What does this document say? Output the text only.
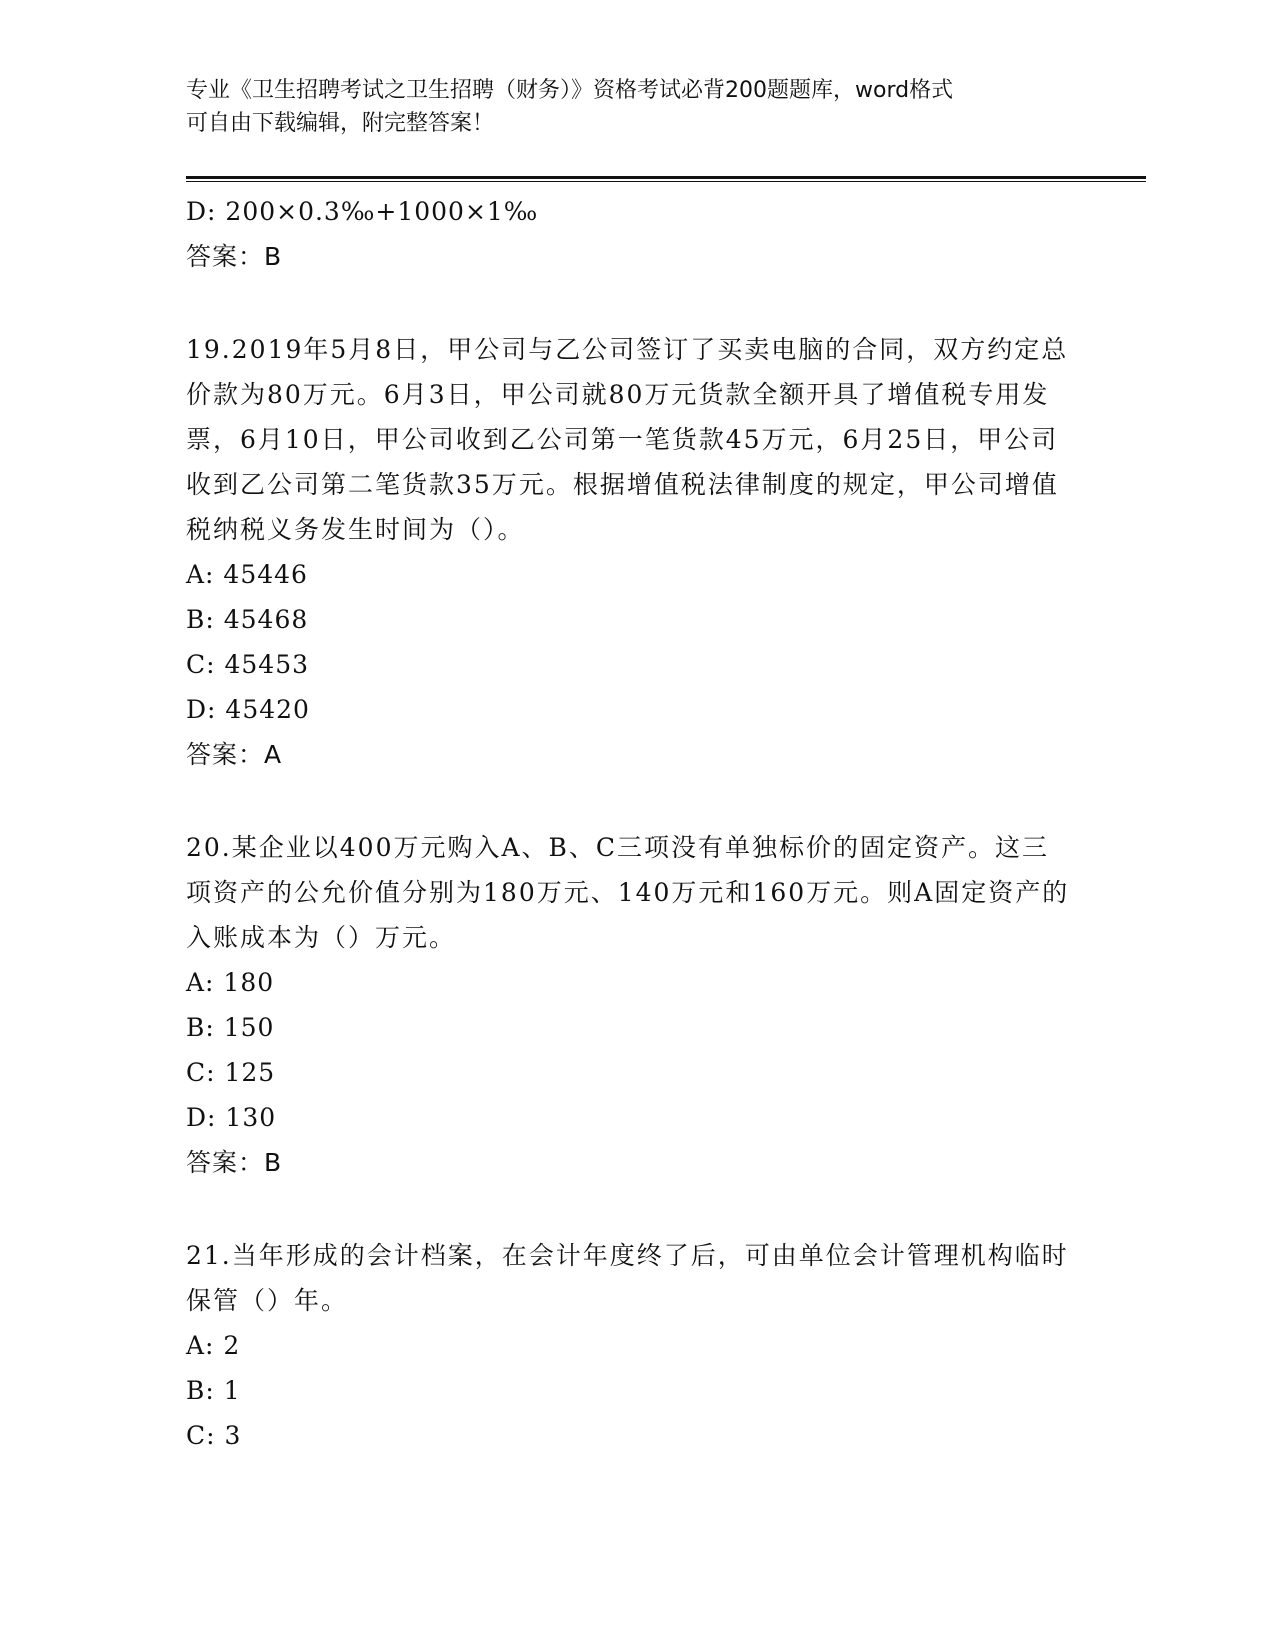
专业《卫生招聘考试之卫生招聘（财务）》资格考试必背200题题库，word格式
可自由下载编辑，附完整答案！
D: 200×0.3‰+1000×1‰
答案：B
19.2019年5月8日，甲公司与乙公司签订了买卖电脑的合同，双方约定总价款为80万元。6月3日，甲公司就80万元货款全额开具了增值税专用发票，6月10日，甲公司收到乙公司第一笔货款45万元，6月25日，甲公司收到乙公司第二笔货款35万元。根据增值税法律制度的规定，甲公司增值税纳税义务发生时间为（）。
A: 45446
B: 45468
C: 45453
D: 45420
答案：A
20.某企业以400万元购入A、B、C三项没有单独标价的固定资产。这三项资产的公允价值分别为180万元、140万元和160万元。则A固定资产的入账成本为（）万元。
A: 180
B: 150
C: 125
D: 130
答案：B
21.当年形成的会计档案，在会计年度终了后，可由单位会计管理机构临时保管（）年。
A: 2
B: 1
C: 3
